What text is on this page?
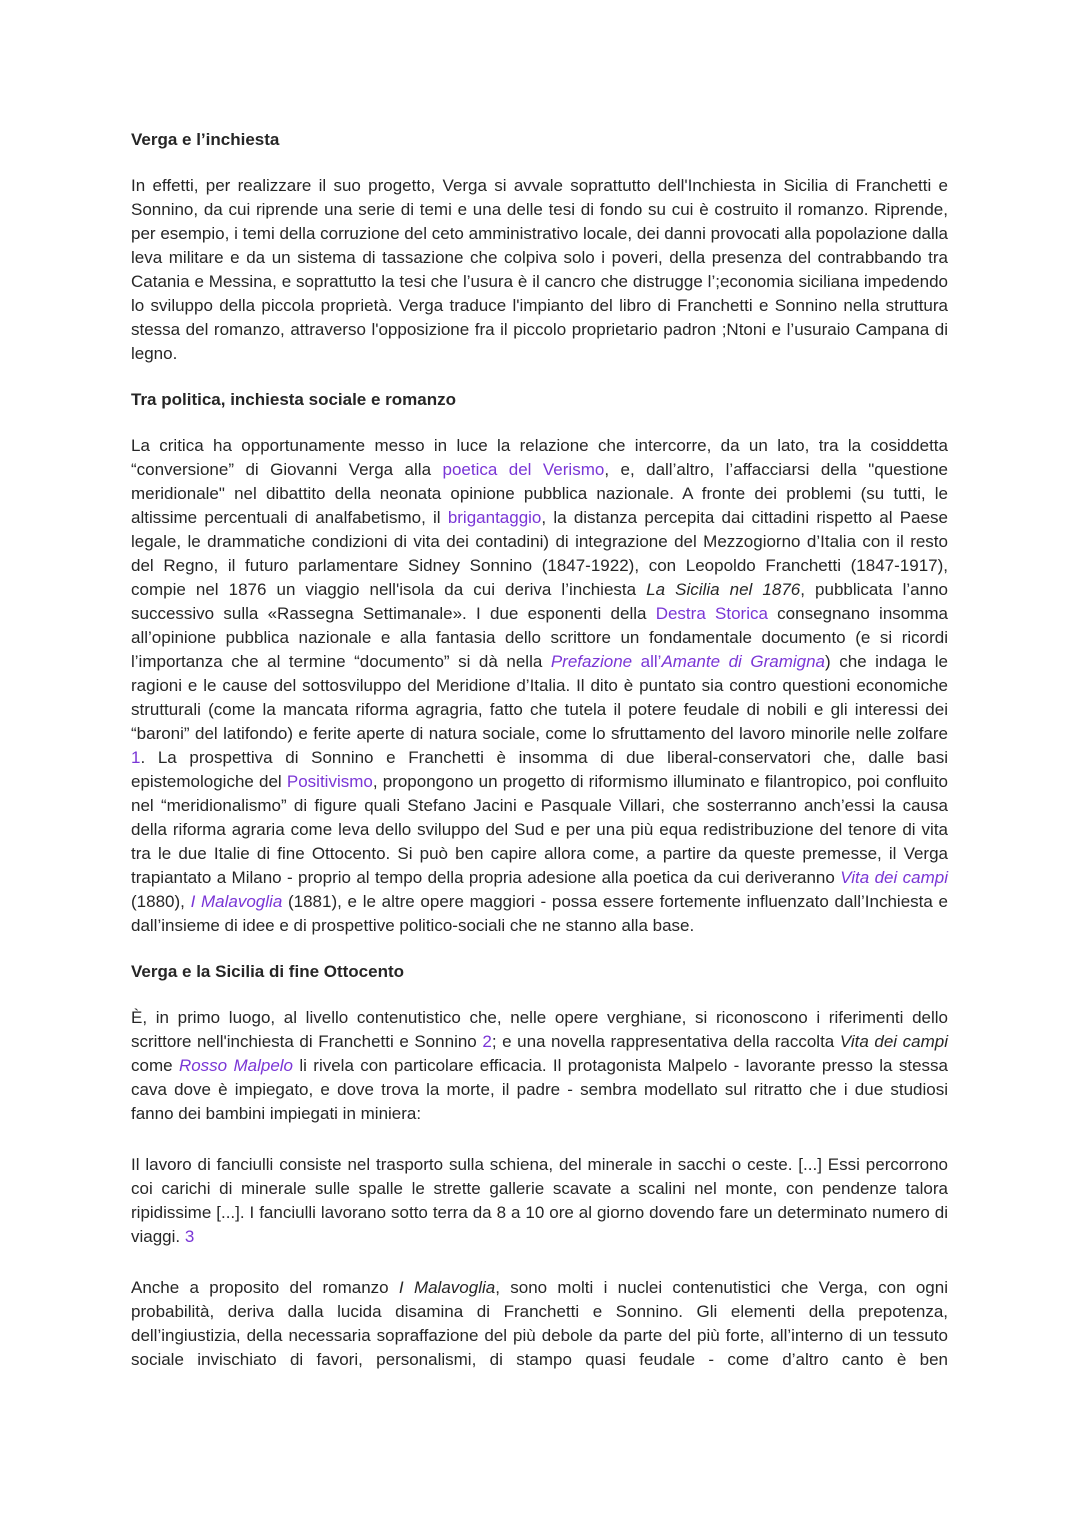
Verga e l’inchiesta

In effetti, per realizzare il suo progetto, Verga si avvale soprattutto dell'Inchiesta in Sicilia di Franchetti e Sonnino, da cui riprende una serie di temi e una delle tesi di fondo su cui è costruito il romanzo. Riprende, per esempio, i temi della corruzione del ceto amministrativo locale, dei danni provocati alla popolazione dalla leva militare e da un sistema di tassazione che colpiva solo i poveri, della presenza del contrabbando tra Catania e Messina, e soprattutto la tesi che l’usura è il cancro che distrugge l’;economia siciliana impedendo lo sviluppo della piccola proprietà. Verga traduce l'impianto del libro di Franchetti e Sonnino nella struttura stessa del romanzo, attraverso l'opposizione fra il piccolo proprietario padron ;Ntoni e l’usuraio Campana di legno.

Tra politica, inchiesta sociale e romanzo

La critica ha opportunamente messo in luce la relazione che intercorre, da un lato, tra la cosiddetta “conversione” di Giovanni Verga alla poetica del Verismo, e, dall’altro, l’affacciarsi della "questione meridionale" nel dibattito della neonata opinione pubblica nazionale. A fronte dei problemi (su tutti, le altissime percentuali di analfabetismo, il brigantaggio, la distanza percepita dai cittadini rispetto al Paese legale, le drammatiche condizioni di vita dei contadini) di integrazione del Mezzogiorno d’Italia con il resto del Regno, il futuro parlamentare Sidney Sonnino (1847-1922), con Leopoldo Franchetti (1847-1917), compie nel 1876 un viaggio nell'isola da cui deriva l’inchiesta La Sicilia nel 1876, pubblicata l’anno successivo sulla «Rassegna Settimanale». I due esponenti della Destra Storica consegnano insomma all’opinione pubblica nazionale e alla fantasia dello scrittore un fondamentale documento (e si ricordi l’importanza che al termine “documento” si dà nella Prefazione all’Amante di Gramigna) che indaga le ragioni e le cause del sottosviluppo del Meridione d’Italia. Il dito è puntato sia contro questioni economiche strutturali (come la mancata riforma agragria, fatto che tutela il potere feudale di nobili e gli interessi dei “baroni” del latifondo) e ferite aperte di natura sociale, come lo sfruttamento del lavoro minorile nelle zolfare 1. La prospettiva di Sonnino e Franchetti è insomma di due liberal-conservatori che, dalle basi epistemologiche del Positivismo, propongono un progetto di riformismo illuminato e filantropico, poi confluito nel “meridionalismo” di figure quali Stefano Jacini e Pasquale Villari, che sosterranno anch’essi la causa della riforma agraria come leva dello sviluppo del Sud e per una più equa redistribuzione del tenore di vita tra le due Italie di fine Ottocento. Si può ben capire allora come, a partire da queste premesse, il Verga trapiantato a Milano - proprio al tempo della propria adesione alla poetica da cui deriveranno Vita dei campi (1880), I Malavoglia (1881), e le altre opere maggiori - possa essere fortemente influenzato dall’Inchiesta e dall’insieme di idee e di prospettive politico-sociali che ne stanno alla base.

Verga e la Sicilia di fine Ottocento

È, in primo luogo, al livello contenutistico che, nelle opere verghiane, si riconoscono i riferimenti dello scrittore nell'inchiesta di Franchetti e Sonnino 2; e una novella rappresentativa della raccolta Vita dei campi come Rosso Malpelo li rivela con particolare efficacia. Il protagonista Malpelo - lavorante presso la stessa cava dove è impiegato, e dove trova la morte, il padre - sembra modellato sul ritratto che i due studiosi fanno dei bambini impiegati in miniera:

Il lavoro di fanciulli consiste nel trasporto sulla schiena, del minerale in sacchi o ceste. [...] Essi percorrono coi carichi di minerale sulle spalle le strette gallerie scavate a scalini nel monte, con pendenze talora ripidissime [...]. I fanciulli lavorano sotto terra da 8 a 10 ore al giorno dovendo fare un determinato numero di viaggi. 3

Anche a proposito del romanzo I Malavoglia, sono molti i nuclei contenutistici che Verga, con ogni probabilità, deriva dalla lucida disamina di Franchetti e Sonnino. Gli elementi della prepotenza, dell’ingiustizia, della necessaria sopraffazione del più debole da parte del più forte, all’interno di un tessuto sociale invischiato di favori, personalismi, di stampo quasi feudale - come d’altro canto è ben
